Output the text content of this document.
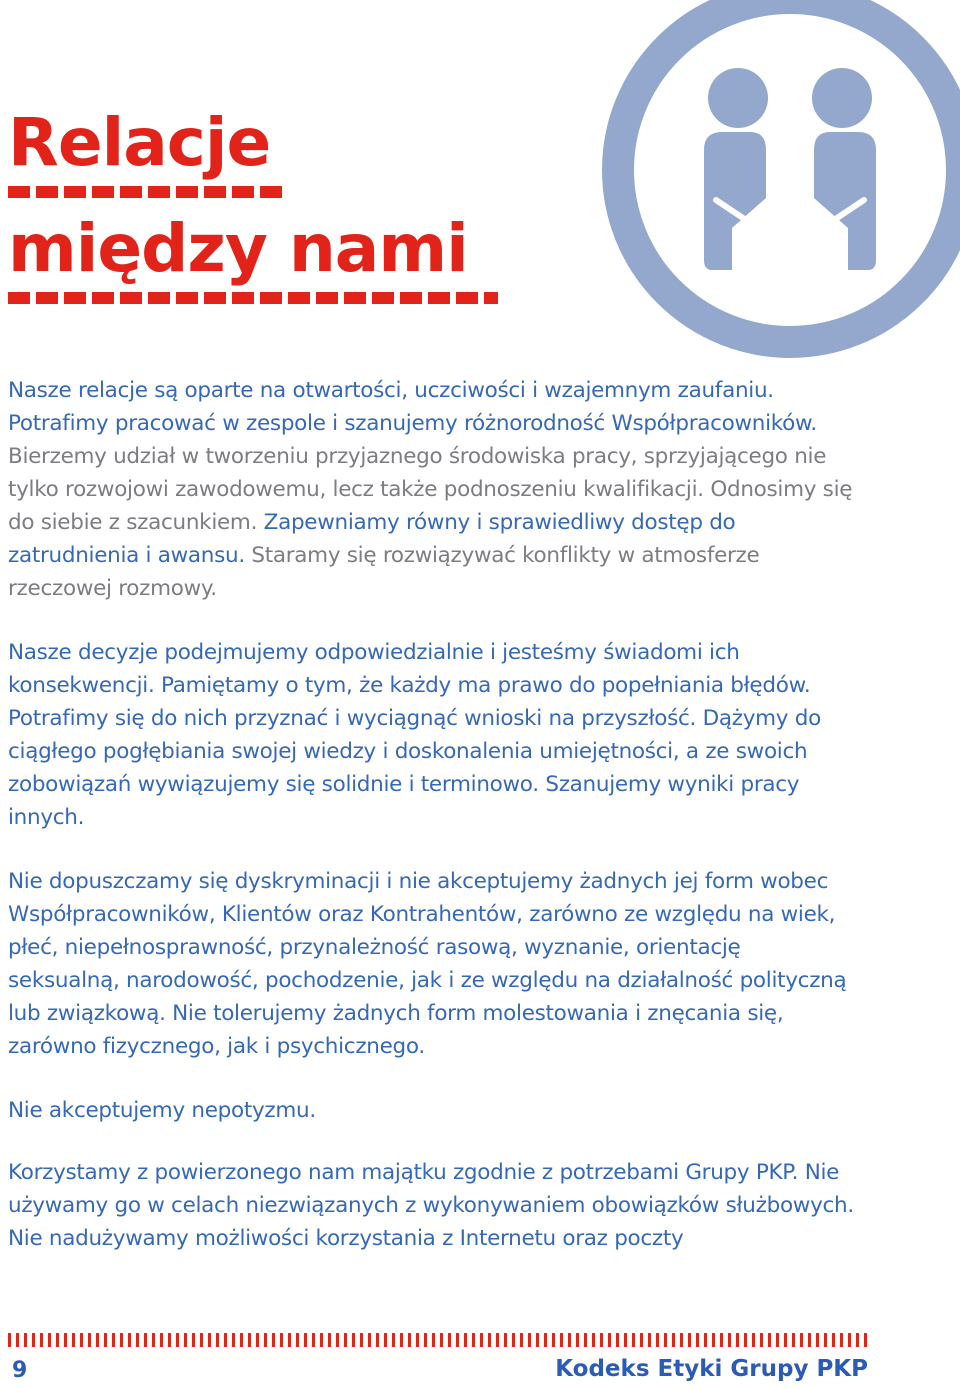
Relacje
między nami

Nasze relacje są oparte na otwartości, uczciwości i wzajemnym zaufaniu. Potrafimy pracować w zespole i szanujemy różnorodność Współpracowników. Bierzemy udział w tworzeniu przyjaznego środowiska pracy, sprzyjającego nie tylko rozwojowi zawodowemu, lecz także podnoszeniu kwalifikacji. Odnosimy się do siebie z szacunkiem. Zapewniamy równy i sprawiedliwy dostęp do zatrudnienia i awansu. Staramy się rozwiązywać konflikty w atmosferze rzeczowej rozmowy.

Nasze decyzje podejmujemy odpowiedzialnie i jesteśmy świadomi ich konsekwencji. Pamiętamy o tym, że każdy ma prawo do popełniania błędów. Potrafimy się do nich przyznać i wyciągnąć wnioski na przyszłość. Dążymy do ciągłego pogłębiania swojej wiedzy i doskonalenia umiejętności, a ze swoich zobowiązań wywiązujemy się solidnie i terminowo. Szanujemy wyniki pracy innych.

Nie dopuszczamy się dyskryminacji i nie akceptujemy żadnych jej form wobec Współpracowników, Klientów oraz Kontrahentów, zarówno ze względu na wiek, płeć, niepełnosprawność, przynależność rasową, wyznanie, orientację seksualną, narodowość, pochodzenie, jak i ze względu na działalność polityczną lub związkową. Nie tolerujemy żadnych form molestowania i znęcania się, zarówno fizycznego, jak i psychicznego.

Nie akceptujemy nepotyzmu.

Korzystamy z powierzonego nam majątku zgodnie z potrzebami Grupy PKP. Nie używamy go w celach niezwiązanych z wykonywaniem obowiązków służbowych. Nie nadużywamy możliwości korzystania z Internetu oraz poczty

9	Kodeks Etyki Grupy PKP
